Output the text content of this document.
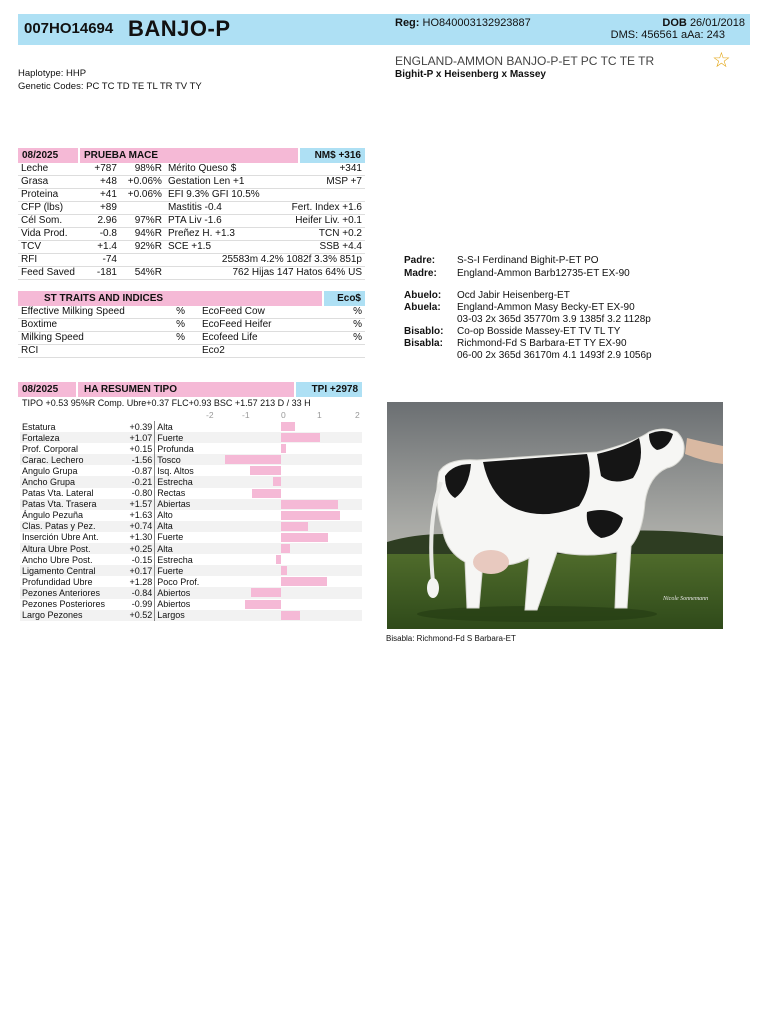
007HO14694 BANJO-P	Reg: HO840003132923887	DOB 26/01/2018
DMS: 456561 aAa: 243
Haplotype: HHP
Genetic Codes: PC TC TD TE TL TR TV TY
ENGLAND-AMMON BANJO-P-ET PC TC TE TR
Bighit-P x Heisenberg x Massey
☆
08/2025	PRUEBA MACE	NM$ +316
Leche	+787	98%R	Mérito Queso $	+341
Grasa	+48	+0.06%	Gestation Len +1	MSP +7
Proteina	+41	+0.06%	EFI 9.3% GFI 10.5%	
CFP (lbs)	+89		Mastitis -0.4	Fert. Index +1.6
Cél Som.	2.96	97%R	PTA Liv -1.6	Heifer Liv. +0.1
Vida Prod.	-0.8	94%R	Preñez H. +1.3	TCN +0.2
TCV	+1.4	92%R	SCE +1.5	SSB +4.4
RFI	-74		25583m 4.2% 1082f 3.3% 851p	
Feed Saved	-181	54%R	762 Hijas 147 Hatos 64% US	
ST TRAITS AND INDICES	Eco$
Effective Milking Speed	%	EcoFeed Cow	%
Boxtime	%	EcoFeed Heifer	%
Milking Speed	%	Ecofeed Life	%
RCI		Eco2	
08/2025	HA RESUMEN TIPO	TPI +2978
TIPO +0.53 95%R Comp. Ubre+0.37 FLC+0.93 BSC +1.57 213 D / 33 H
-2	-1	0	1	2
Estatura	+0.39	Alta	

Fortaleza	+1.07	Fuerte	

Prof. Corporal	+0.15	Profunda	

Carac. Lechero	-1.56	Tosco	

Angulo Grupa	-0.87	Isq. Altos	

Ancho Grupa	-0.21	Estrecha	

Patas Vta. Lateral	-0.80	Rectas	

Patas Vta. Trasera	+1.57	Abiertas	

Ángulo Pezuña	+1.63	Alto	

Clas. Patas y Pez.	+0.74	Alta	

Inserción Ubre Ant.	+1.30	Fuerte	

Altura Ubre Post.	+0.25	Alta	

Ancho Ubre Post.	-0.15	Estrecha	

Ligamento Central	+0.17	Fuerte	

Profundidad Ubre	+1.28	Poco Prof.	

Pezones Anteriores	-0.84	Abiertos	

Pezones Posteriores	-0.99	Abiertos	

Largo Pezones	+0.52	Largos	
Padre:	S-S-I Ferdinand Bighit-P-ET PO
Madre:	England-Ammon Barb12735-ET EX-90
Abuelo:	Ocd Jabir Heisenberg-ET
Abuela:	England-Ammon Masy Becky-ET EX-90
03-03 2x 365d 35770m 3.9 1385f 3.2 1128p
Bisablo:	Co-op Bosside Massey-ET TV TL TY
Bisabla:	Richmond-Fd S Barbara-ET TY EX-90
06-00 2x 365d 36170m 4.1 1493f 2.9 1056p
Nicole Sonnemann
Bisabla: Richmond-Fd S Barbara-ET
